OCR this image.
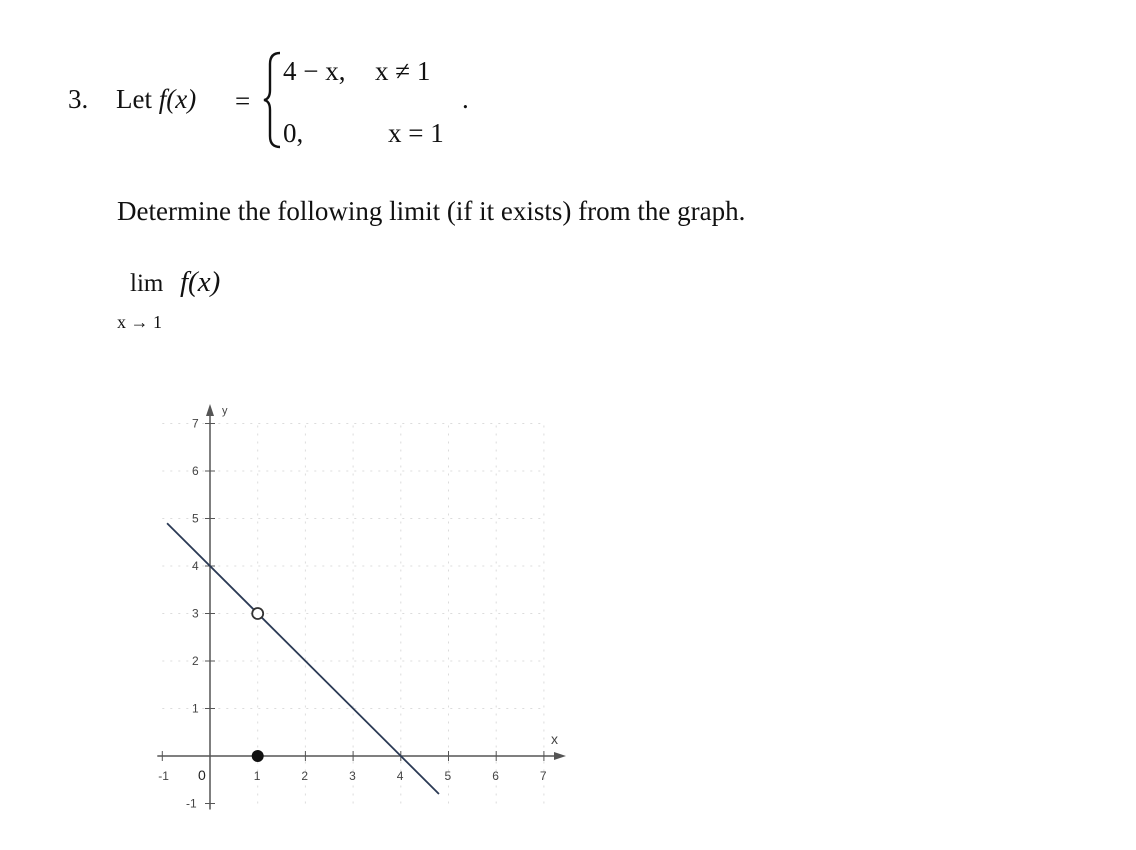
3. Let f(x) =
4 − x, x ≠ 1
0,	x = 1
.
Determine the following limit (if it exists) from the graph.
lim f(x)
x → 1
-1 0	1	2	3	4	5	6	7
-1
1
2
3
4
5
6
7
y
x
